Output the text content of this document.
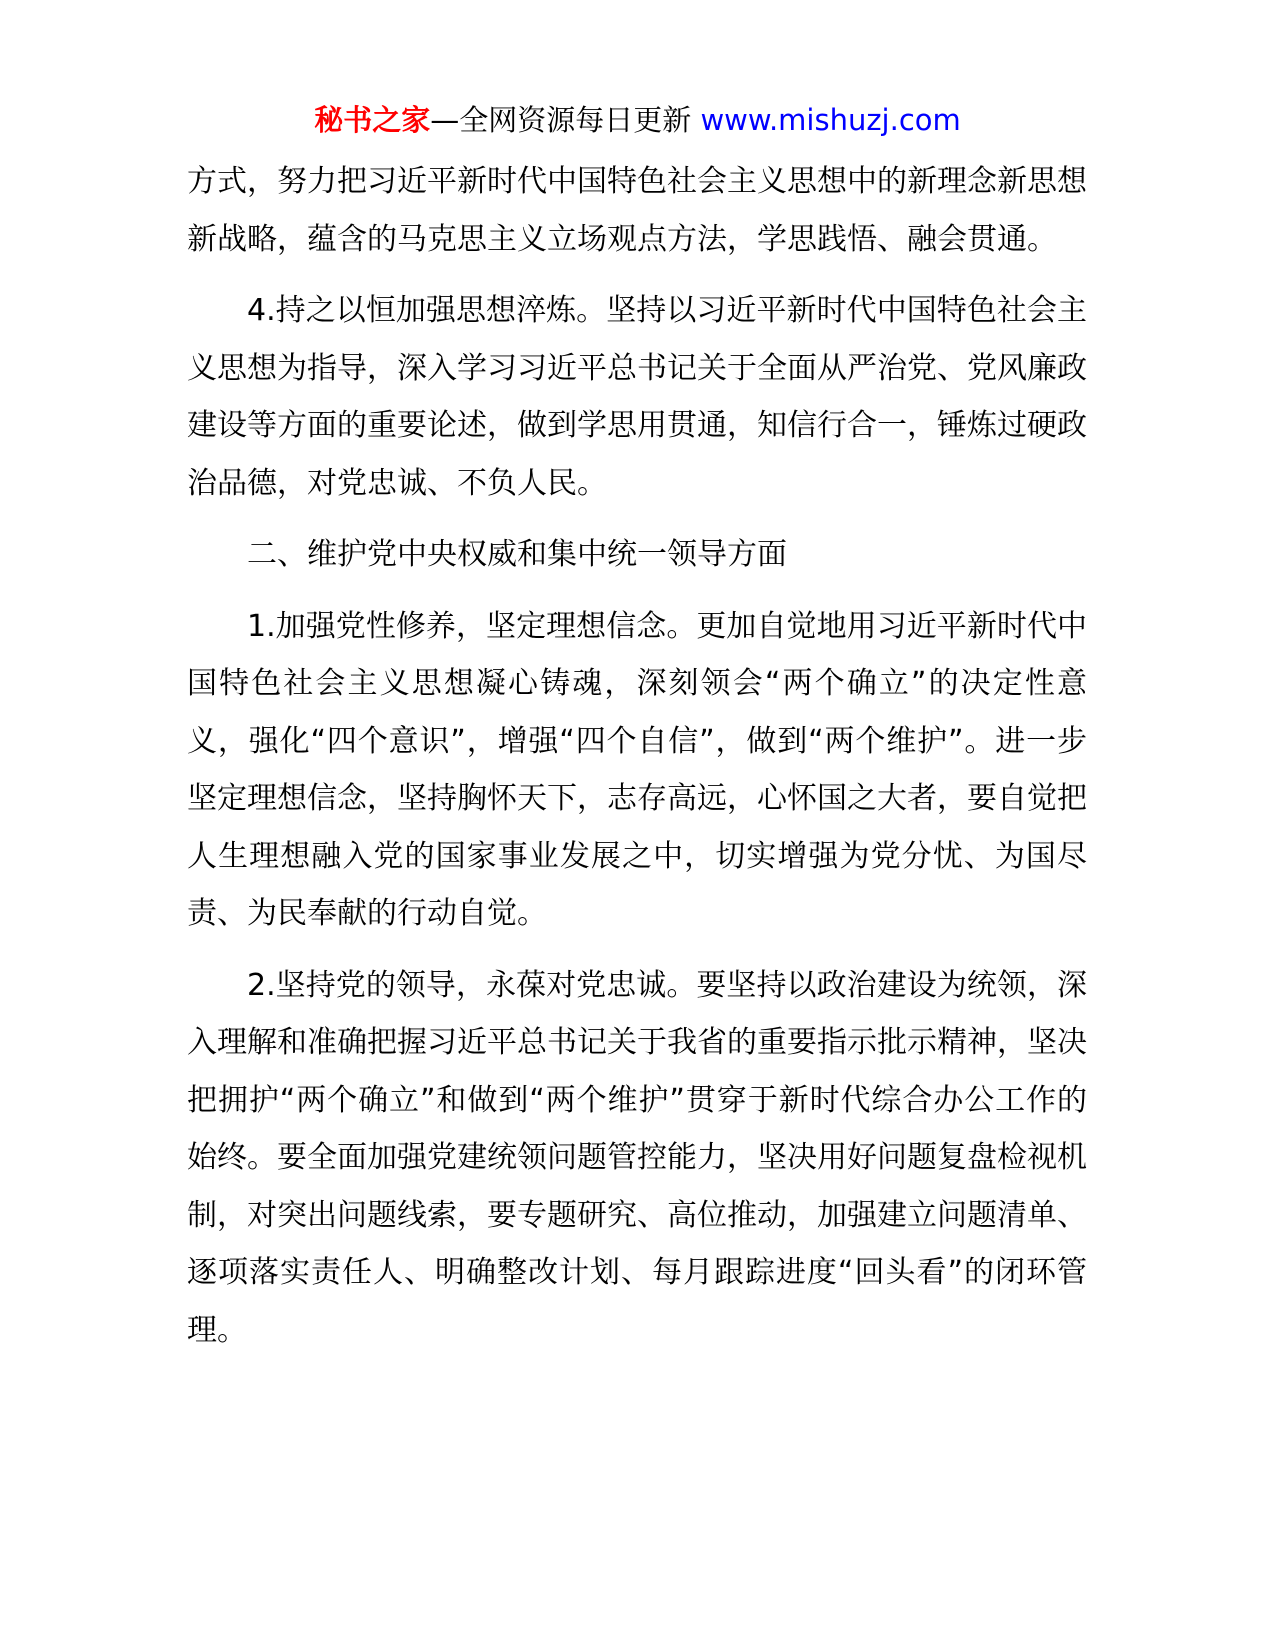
秘书之家—全网资源每日更新 www.mishuzj.com

方式，努力把习近平新时代中国特色社会主义思想中的新理念新思想新战略，蕴含的马克思主义立场观点方法，学思践悟、融会贯通。

4.持之以恒加强思想淬炼。坚持以习近平新时代中国特色社会主义思想为指导，深入学习习近平总书记关于全面从严治党、党风廉政建设等方面的重要论述，做到学思用贯通，知信行合一，锤炼过硬政治品德，对党忠诚、不负人民。

二、维护党中央权威和集中统一领导方面

1.加强党性修养，坚定理想信念。更加自觉地用习近平新时代中国特色社会主义思想凝心铸魂，深刻领会“两个确立”的决定性意义，强化“四个意识”，增强“四个自信”，做到“两个维护”。进一步坚定理想信念，坚持胸怀天下，志存高远，心怀国之大者，要自觉把人生理想融入党的国家事业发展之中，切实增强为党分忧、为国尽责、为民奉献的行动自觉。

2.坚持党的领导，永葆对党忠诚。要坚持以政治建设为统领，深入理解和准确把握习近平总书记关于我省的重要指示批示精神，坚决把拥护“两个确立”和做到“两个维护”贯穿于新时代综合办公工作的始终。要全面加强党建统领问题管控能力，坚决用好问题复盘检视机制，对突出问题线索，要专题研究、高位推动，加强建立问题清单、逐项落实责任人、明确整改计划、每月跟踪进度“回头看”的闭环管理。
